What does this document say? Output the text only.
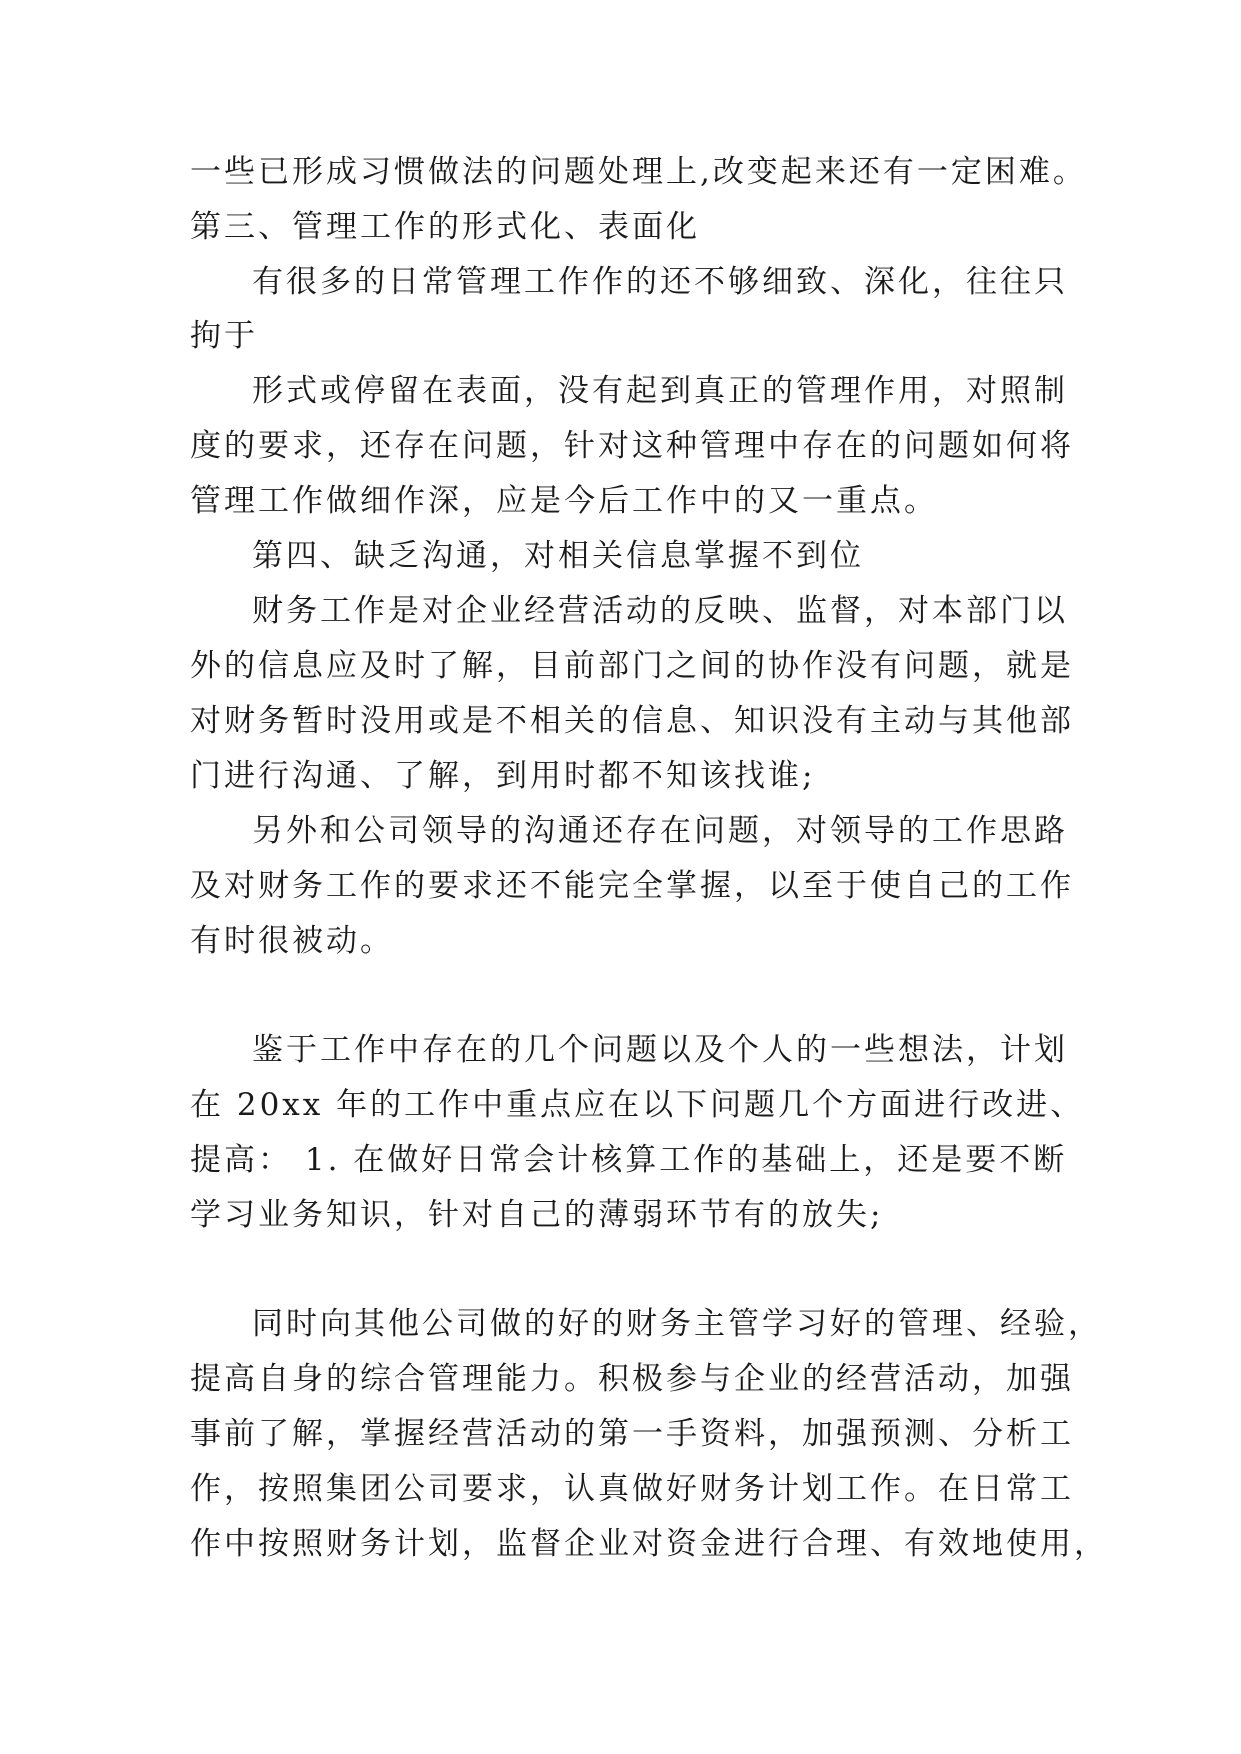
一些已形成习惯做法的问题处理上,改变起来还有一定困难。

第三、管理工作的形式化、表面化

有很多的日常管理工作作的还不够细致、深化，往往只

拘于

形式或停留在表面，没有起到真正的管理作用，对照制

度的要求，还存在问题，针对这种管理中存在的问题如何将

管理工作做细作深，应是今后工作中的又一重点。

第四、缺乏沟通，对相关信息掌握不到位

财务工作是对企业经营活动的反映、监督，对本部门以

外的信息应及时了解，目前部门之间的协作没有问题，就是

对财务暂时没用或是不相关的信息、知识没有主动与其他部

门进行沟通、了解，到用时都不知该找谁;

另外和公司领导的沟通还存在问题，对领导的工作思路

及对财务工作的要求还不能完全掌握，以至于使自己的工作

有时很被动。

鉴于工作中存在的几个问题以及个人的一些想法，计划

在 20xx 年的工作中重点应在以下问题几个方面进行改进、

提高： 1. 在做好日常会计核算工作的基础上，还是要不断

学习业务知识，针对自己的薄弱环节有的放失;

同时向其他公司做的好的财务主管学习好的管理、经验，

提高自身的综合管理能力。积极参与企业的经营活动，加强

事前了解，掌握经营活动的第一手资料，加强预测、分析工

作，按照集团公司要求，认真做好财务计划工作。在日常工

作中按照财务计划，监督企业对资金进行合理、有效地使用，
